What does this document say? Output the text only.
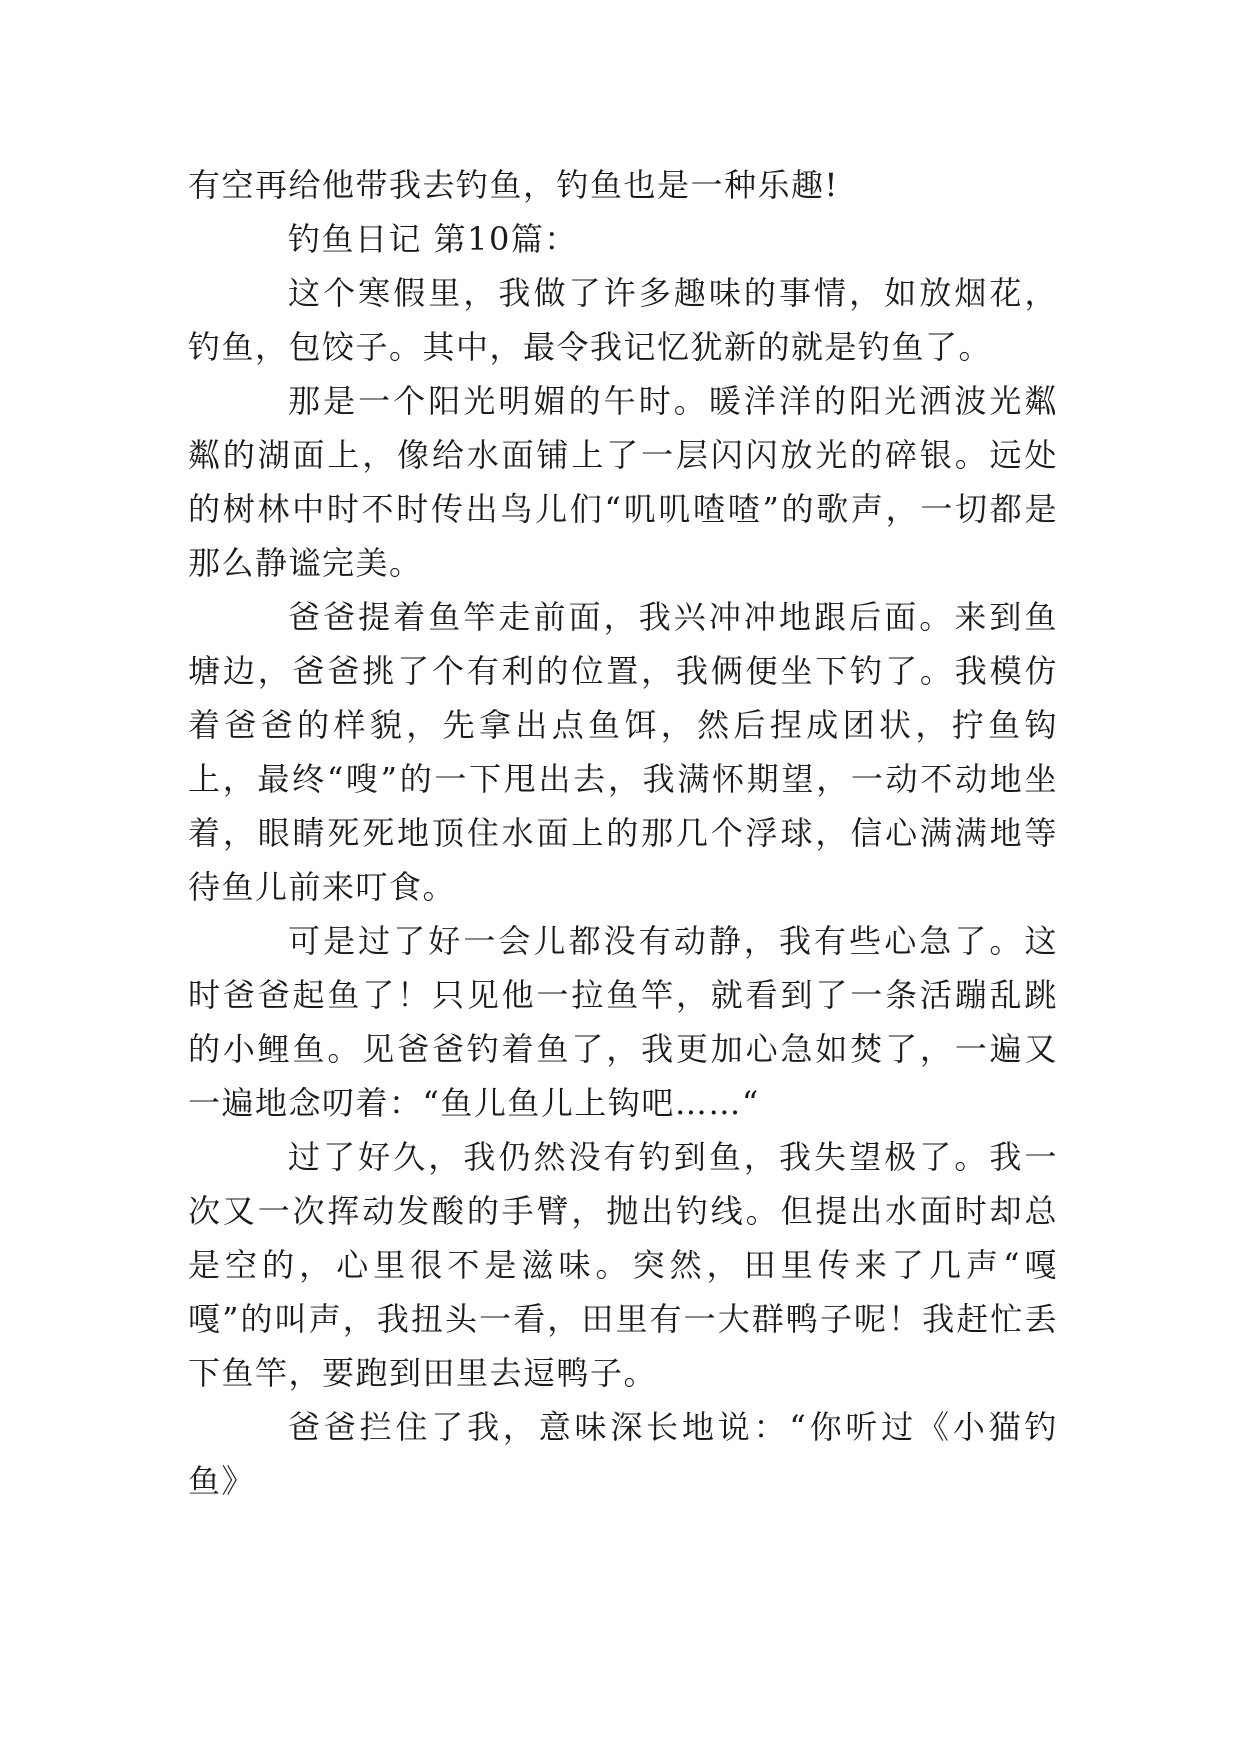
有空再给他带我去钓鱼，钓鱼也是一种乐趣!

钓鱼日记 第10篇：

这个寒假里，我做了许多趣味的事情，如放烟花，钓鱼，包饺子。其中，最令我记忆犹新的就是钓鱼了。

那是一个阳光明媚的午时。暖洋洋的阳光洒波光粼粼的湖面上，像给水面铺上了一层闪闪放光的碎银。远处的树林中时不时传出鸟儿们“叽叽喳喳”的歌声，一切都是那么静谧完美。

爸爸提着鱼竿走前面，我兴冲冲地跟后面。来到鱼塘边，爸爸挑了个有利的位置，我俩便坐下钓了。我模仿着爸爸的样貌，先拿出点鱼饵，然后捏成团状，拧鱼钩上，最终“嗖”的一下甩出去，我满怀期望，一动不动地坐着，眼睛死死地顶住水面上的那几个浮球，信心满满地等待鱼儿前来叮食。

可是过了好一会儿都没有动静，我有些心急了。这时爸爸起鱼了！只见他一拉鱼竿，就看到了一条活蹦乱跳的小鲤鱼。见爸爸钓着鱼了，我更加心急如焚了，一遍又一遍地念叨着：“鱼儿鱼儿上钩吧……“

过了好久，我仍然没有钓到鱼，我失望极了。我一次又一次挥动发酸的手臂，抛出钓线。但提出水面时却总是空的，心里很不是滋味。突然，田里传来了几声“嘎嘎”的叫声，我扭头一看，田里有一大群鸭子呢！我赶忙丢下鱼竿，要跑到田里去逗鸭子。

爸爸拦住了我，意味深长地说：“你听过《小猫钓鱼》
